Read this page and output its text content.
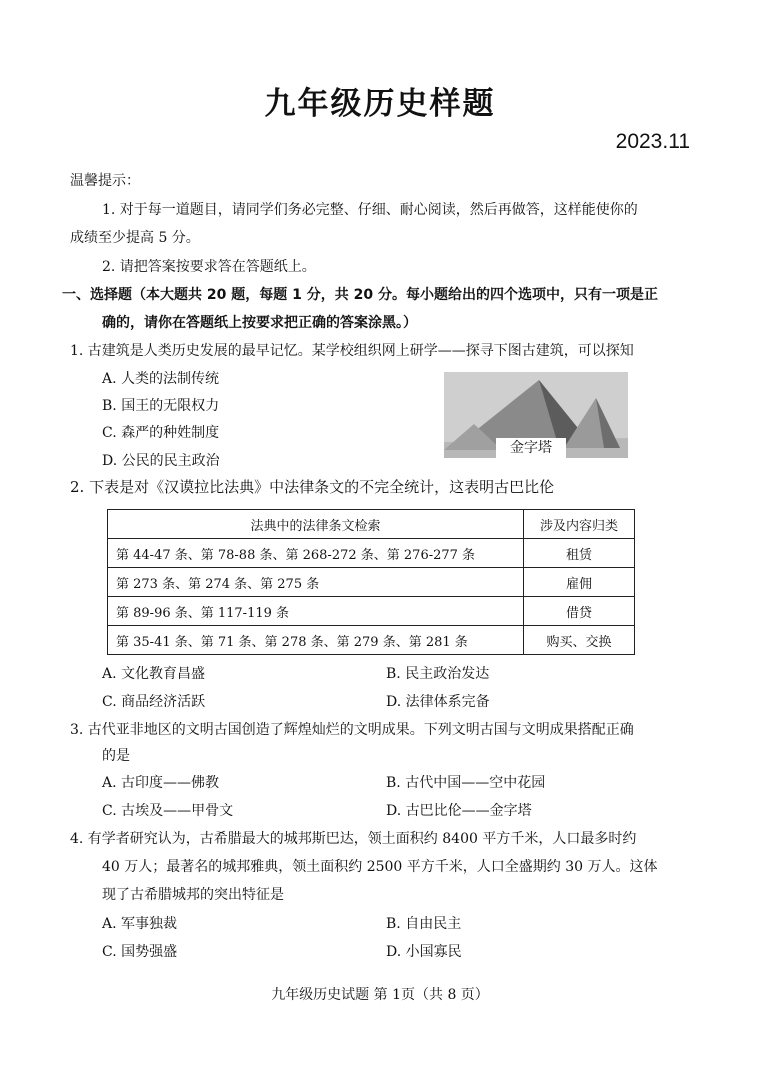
九年级历史样题
2023.11
温馨提示：
1. 对于每一道题目，请同学们务必完整、仔细、耐心阅读，然后再做答，这样能使你的
成绩至少提高 5 分。
2. 请把答案按要求答在答题纸上。
一、选择题（本大题共 20 题，每题 1 分，共 20 分。每小题给出的四个选项中，只有一项是正
确的，请你在答题纸上按要求把正确的答案涂黑。）
1. 古建筑是人类历史发展的最早记忆。某学校组织网上研学——探寻下图古建筑，可以探知
A. 人类的法制传统
B. 国王的无限权力
C. 森严的种姓制度
D. 公民的民主政治
金字塔
2. 下表是对《汉谟拉比法典》中法律条文的不完全统计，这表明古巴比伦
法典中的法律条文检索	涉及内容归类
第 44-47 条、第 78-88 条、第 268-272 条、第 276-277 条	租赁
第 273 条、第 274 条、第 275 条	雇佣
第 89-96 条、第 117-119 条	借贷
第 35-41 条、第 71 条、第 278 条、第 279 条、第 281 条	购买、交换
A. 文化教育昌盛	B. 民主政治发达
C. 商品经济活跃	D. 法律体系完备
3. 古代亚非地区的文明古国创造了辉煌灿烂的文明成果。下列文明古国与文明成果搭配正确
的是
A. 古印度——佛教	B. 古代中国——空中花园
C. 古埃及——甲骨文	D. 古巴比伦——金字塔
4. 有学者研究认为，古希腊最大的城邦斯巴达，领土面积约 8400 平方千米，人口最多时约
40 万人；最著名的城邦雅典，领土面积约 2500 平方千米，人口全盛期约 30 万人。这体
现了古希腊城邦的突出特征是
A. 军事独裁	B. 自由民主
C. 国势强盛	D. 小国寡民
九年级历史试题 第 1页（共 8 页）
